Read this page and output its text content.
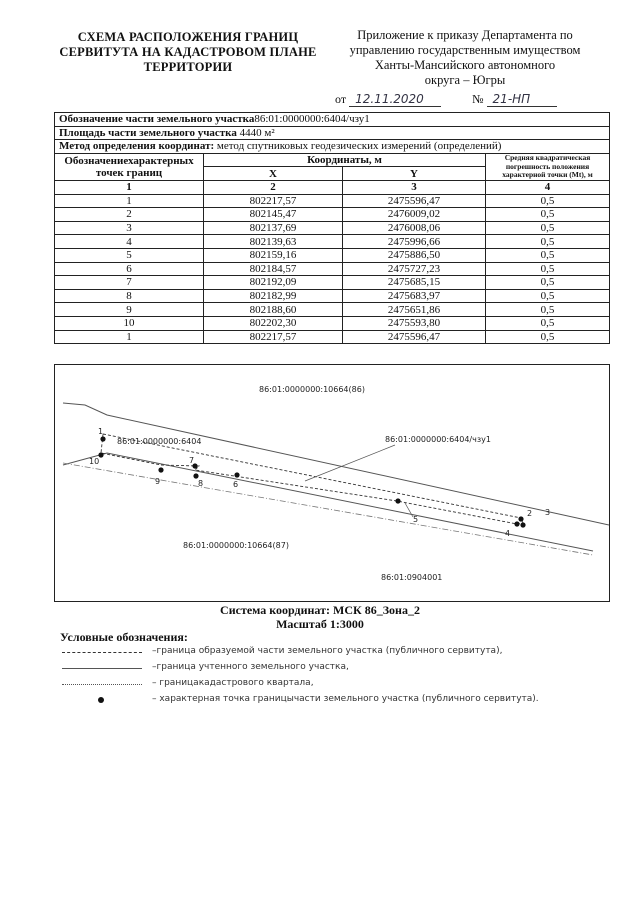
СХЕМА РАСПОЛОЖЕНИЯ ГРАНИЦ
СЕРВИТУТА НА КАДАСТРОВОМ ПЛАНЕ
ТЕРРИТОРИИ
Приложение к приказу Департамента по
управлению государственным имуществом
Ханты-Мансийского автономного
округа – Югры
от 12.11.2020	№ 21-НП
Обозначение части земельного участка86:01:0000000:6404/чзу1			
Площадь части земельного участка 4440 м²			
Метод определения координат: метод спутниковых геодезических измерений (определений)			
Обозначениехарактерных точек границ	Координаты, м		Средняя квадратическая погрешность положения характерной точки (Мt), м
	X	Y	
1	2	3	4
1	802217,57	2475596,47	0,5
2	802145,47	2476009,02	0,5
3	802137,69	2476008,06	0,5
4	802139,63	2475996,66	0,5
5	802159,16	2475886,50	0,5
6	802184,57	2475727,23	0,5
7	802192,09	2475685,15	0,5
8	802182,99	2475683,97	0,5
9	802188,60	2475651,86	0,5
10	802202,30	2475593,80	0,5
1	802217,57	2475596,47	0,5
86:01:0000000:10664(86)
86:01:0000000:6404	86:01:0000000:6404/чзу1
86:01:0000000:10664(87)
86:01:0904001
1
10
9
7
8	6
5
2 3
4
Система координат: МСК 86_Зона_2
Масштаб 1:3000
Условные обозначения:
–граница образуемой части земельного участка (публичного сервитута),
–граница учтенного земельного участка,
– границакадастрового квартала,
– характерная точка границычасти земельного участка (публичного сервитута).
